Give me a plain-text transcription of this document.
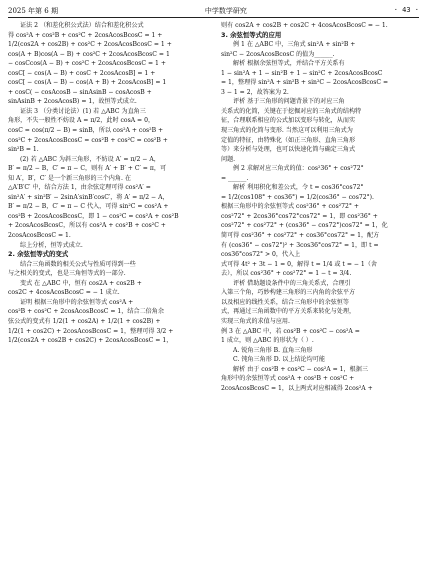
2025 年第 6 期	中学数学研究	· 43 ·
证法 2 （和差化积公式法）结合和差化积公式
得 cos²A + cos²B + cos²C + 2cosAcosBcosC = 1 +
1/2(cos2A + cos2B) + cos²C + 2cosAcosBcosC = 1 +
cos(A + B)cos(A − B) + cos²C + 2cosAcosBcosC = 1
− cosCcos(A − B) + cos²C + 2cosAcosBcosC = 1 +
cosC[ − cos(A − B) + cosC + 2cosAcosB] = 1 +
cosC[ − cos(A − B) − cos(A + B) + 2cosAcosB] = 1
+ cosC( − cosAcosB − sinAsinB − cosAcosB +
sinAsinB + 2cosAcosB) = 1，故恒等式成立.
证法 3 （分类讨论法）(1) 若 △ABC 为直角三
角形，不失一般性不妨设 A = π/2，此时 cosA = 0，
cosC = cos(π/2 − B) = sinB，所以 cos²A + cos²B +
cos²C + 2cosAcosBcosC = cos²B + cos²C = cos²B +
sin²B = 1.
(2) 若 △ABC 为斜三角形，不妨设 A′ = π/2 − A，
B′ = π/2 − B，C′ = π − C，则有 A′ + B′ + C′ = π，可
知 A′，B′，C′ 是一个新三角形的三个内角. 在
△A′B′C′ 中，结合方法 1，由余弦定理可得 cos²A′ =
sin²A′ + sin²B′ − 2sinA′sinB′cosC′，将 A′ = π/2 − A，
B′ = π/2 − B，C′ = π − C 代入，可得 sin²C = cos²A +
cos²B + 2cosAcosBcosC，即 1 − cos²C = cos²A + cos²B
+ 2cosAcosBcosC，所以有 cos²A + cos²B + cos²C +
2cosAcosBcosC = 1.
综上分析，恒等式成立.
2. 余弦恒等式的变式
结合三角函数的相关公式与性质可得到一些
与之相关的变式，也是三角恒等式的一部分.
变式 在 △ABC 中，恒有 cos2A + cos2B +
cos2C + 4cosAcosBcosC = − 1 成立.
证明 根据三角形中的余弦恒等式 cos²A +
cos²B + cos²C + 2cosAcosBcosC = 1，结合二倍角余
弦公式的变式有 1/2(1 + cos2A) + 1/2(1 + cos2B) +
1/2(1 + cos2C) + 2cosAcosBcosC = 1，整理可得 3/2 +
1/2(cos2A + cos2B + cos2C) + 2cosAcosBcosC = 1，
则有 cos2A + cos2B + cos2C + 4cosAcosBcosC = − 1.
3. 余弦恒等式的应用
例 1 在 △ABC 中，三角式 sin²A + sin²B +
sin²C − 2cosAcosBcosC 的值为______.
解析 根据余弦恒等式，并结合平方关系有
1 − sin²A + 1 − sin²B + 1 − sin²C + 2cosAcosBcosC
= 1，整理得 sin²A + sin²B + sin²C − 2cosAcosBcosC =
3 − 1 = 2，故答案为 2.
评析 基于三角形的问题背景下的对应三角
关系式的化简，关键在于挖掘对应的三角式的结构特
征，合理联系相应的公式加以变形与转化，从而实
现三角式的化简与变形. 当然这可以利用三角式为
定值的特征，由特殊化（如正三角形、直角三角形
等）来分析与处理，也可以快速化简与确定三角式
问题.
例 2 求解对应三角式的值：cos²36° + cos²72°
= ______.
解析 利用积化和差公式，令 t = cos36°cos72°
= 1/2(cos108° + cos36°) = 1/2(cos36° − cos72°).
根据三角形中的余弦恒等式 cos²36° + cos²72° +
cos²72° + 2cos36°cos72°cos72° = 1，即 cos²36° +
cos²72° + cos²72° + (cos36° − cos72°)cos72° = 1，化
简可得 cos²36° + cos²72° + cos36°cos72° = 1，配方
有 (cos36° − cos72°)² + 3cos36°cos72° = 1，即 t =
cos36°cos72° > 0，代入上
式可得 4t² + 3t − 1 = 0，解得 t = 1/4 或 t = − 1（舍
去），所以 cos²36° + cos²72° = 1 − t = 3/4.
评析 借助题设条件中的三角关系式，合理引
入第三个角，巧妙构建三角形的三内角的余弦平方
以及相应的线性关系，结合三角形中的余弦恒等
式，再通过三角函数中的平方关系来转化与处理，
实现三角式的求值与应用.
例 3 在 △ABC 中，若 cos²B + cos²C − cos²A =
1 成立，则 △ABC 的形状为（ ）.
A. 锐角三角形 B. 直角三角形
C. 钝角三角形 D. 以上结论均可能
解析 由于 cos²B + cos²C − cos²A = 1，根据三
角形中的余弦恒等式 cos²A + cos²B + cos²C +
2cosAcosBcosC = 1，以上两式对应相减得 2cos²A +
